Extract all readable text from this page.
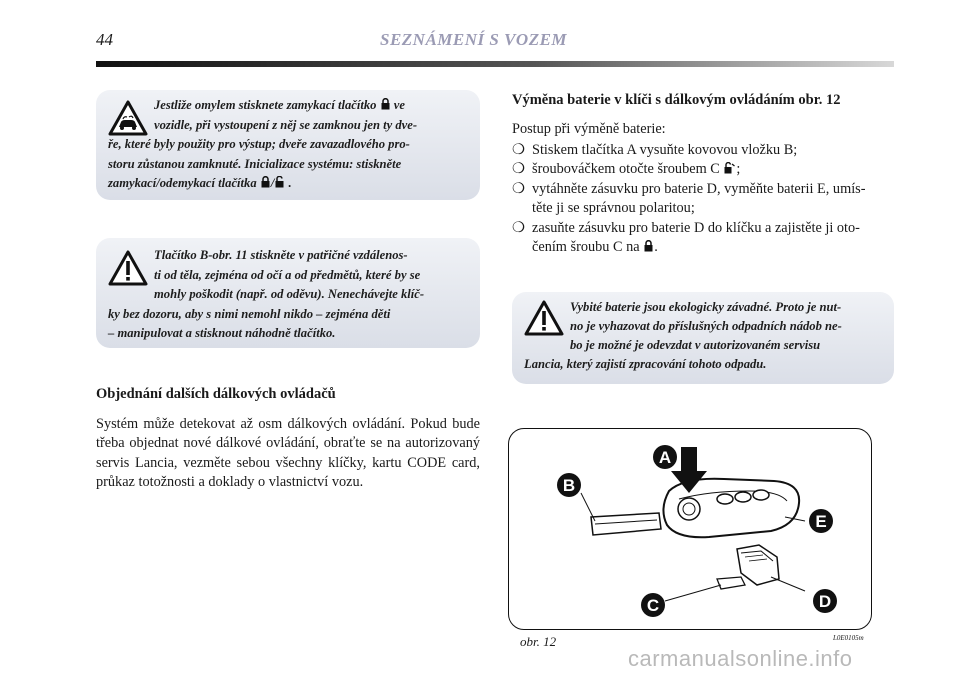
44	SEZNÁMENÍ S VOZEM
Jestliže omylem stisknete zamykací tlačítko ve
vozidle, při vystoupení z něj se zamknou jen ty dve-
ře, které byly použity pro výstup; dveře zavazadlového pro-
storu zůstanou zamknuté. Inicializace systému: stiskněte
zamykací/odemykací tlačítka / .
Tlačítko B-obr. 11 stiskněte v patřičné vzdálenos-
ti od těla, zejména od očí a od předmětů, které by se
mohly poškodit (např. od oděvu). Nenechávejte klíč-
ky bez dozoru, aby s nimi nemohl nikdo – zejména děti
– manipulovat a stisknout náhodně tlačítko.
Objednání dalších dálkových ovládačů
Systém může detekovat až osm dálkových ovládání. Pokud bude třeba objednat nové dálkové ovládání, obraťte se na autorizovaný servis Lancia, vezměte sebou všechny klíčky, kartu CODE card, průkaz totožnosti a doklady o vlastnictví vozu.
Výměna baterie v klíči s dálkovým ovládáním obr. 12
Postup při výměně baterie:
❍ Stiskem tlačítka A vysuňte kovovou vložku B;
❍ šroubováčkem otočte šroubem C ;
❍ vytáhněte zásuvku pro baterie D, vyměňte baterii E, umís-
těte ji se správnou polaritou;
❍ zasuňte zásuvku pro baterie D do klíčku a zajistěte ji oto-
čením šroubu C na .
Vybité baterie jsou ekologicky závadné. Proto je nut-
no je vyhazovat do příslušných odpadních nádob ne-
bo je možné je odevzdat v autorizovaném servisu
Lancia, který zajistí zpracování tohoto odpadu.
A
B
E
C	D
obr. 12	L0E0105m
carmanualsonline.info
